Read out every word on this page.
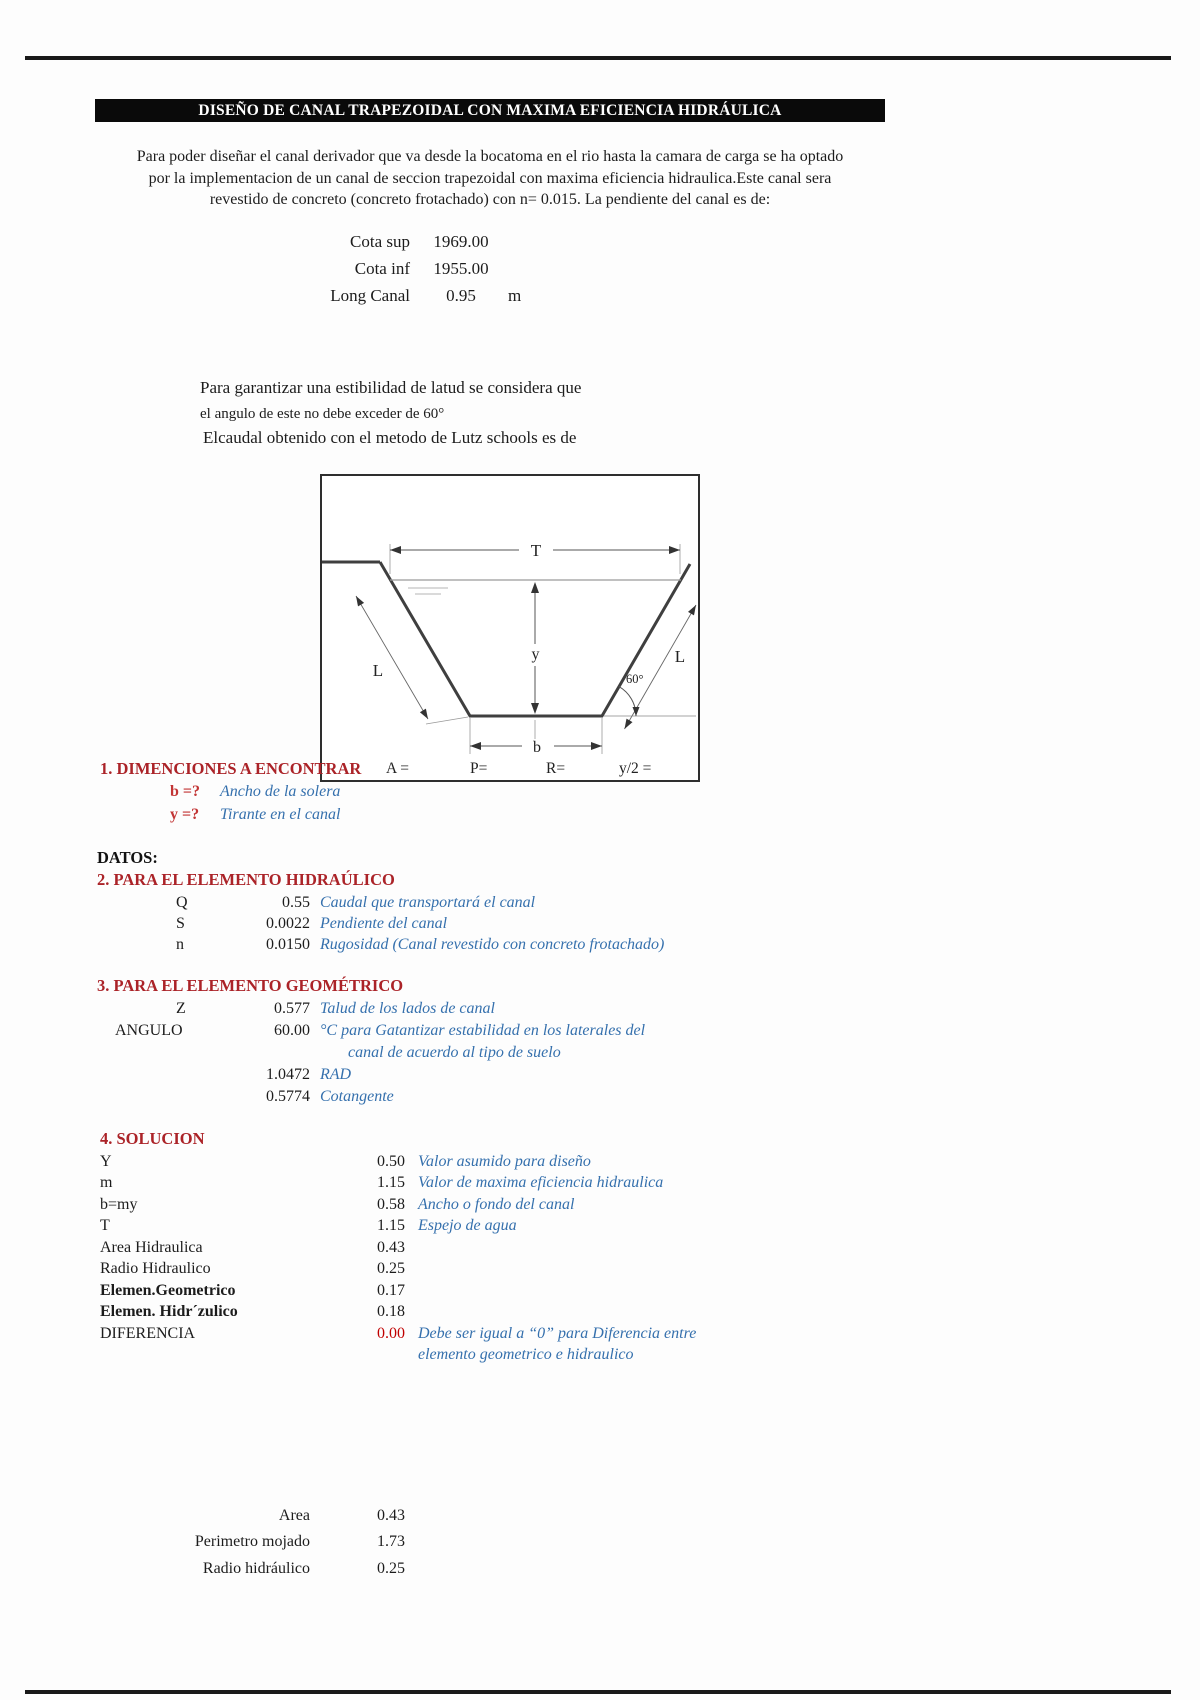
DISEÑO DE CANAL TRAPEZOIDAL CON MAXIMA EFICIENCIA HIDRÁULICA
Para poder diseñar el canal derivador que va desde la bocatoma en el rio hasta la camara de carga se ha optado
por la implementacion de un canal de seccion trapezoidal con maxima eficiencia hidraulica.Este canal sera
revestido de concreto (concreto frotachado) con n= 0.015. La pendiente del canal es de:
Cota sup	1969.00
Cota inf	1955.00
Long Canal	0.95	m
Para garantizar una estibilidad de latud se considera que
el angulo de este no debe exceder de 60°
Elcaudal obtenido con el metodo de Lutz schools es de
T
y
L
L
60°
b
A =	P=	R=	y/2 =
1. DIMENCIONES A ENCONTRAR
b =? Ancho de la solera
y =? Tirante en el canal
DATOS:
2. PARA EL ELEMENTO HIDRAÚLICO
Q	0.55 Caudal que transportará el canal
S	0.0022 Pendiente del canal
n	0.0150 Rugosidad (Canal revestido con concreto frotachado)
3. PARA EL ELEMENTO GEOMÉTRICO
Z	0.577 Talud de los lados de canal
ANGULO	60.00 °C para Gatantizar estabilidad en los laterales del
canal de acuerdo al tipo de suelo
1.0472 RAD
0.5774 Cotangente
4. SOLUCION
Y	0.50 Valor asumido para diseño
m	1.15 Valor de maxima eficiencia hidraulica
b=my	0.58 Ancho o fondo del canal
T	1.15 Espejo de agua
Area Hidraulica	0.43
Radio Hidraulico	0.25
Elemen.Geometrico	0.17
Elemen. Hidr´zulico	0.18
DIFERENCIA	0.00 Debe ser igual a “0” para Diferencia entre
elemento geometrico e hidraulico
Area	0.43
Perimetro mojado	1.73
Radio hidráulico	0.25
